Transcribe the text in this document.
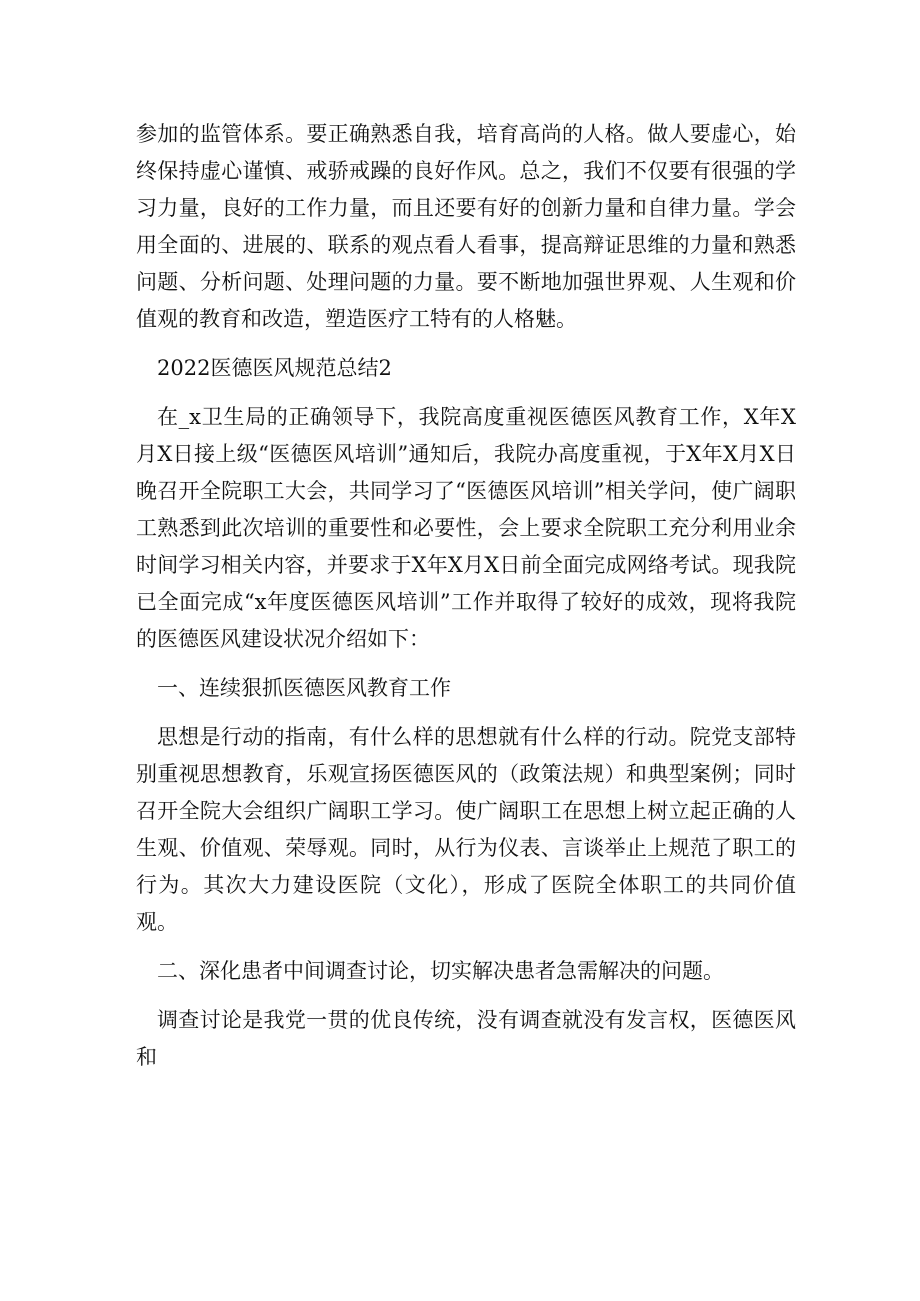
参加的监管体系。要正确熟悉自我，培育高尚的人格。做人要虚心，始终保持虚心谨慎、戒骄戒躁的良好作风。总之，我们不仅要有很强的学习力量，良好的工作力量，而且还要有好的创新力量和自律力量。学会用全面的、进展的、联系的观点看人看事，提高辩证思维的力量和熟悉问题、分析问题、处理问题的力量。要不断地加强世界观、人生观和价值观的教育和改造，塑造医疗工特有的人格魅。

2022医德医风规范总结2

在_x卫生局的正确领导下，我院高度重视医德医风教育工作，X年X月X日接上级“医德医风培训”通知后，我院办高度重视，于X年X月X日晚召开全院职工大会，共同学习了“医德医风培训”相关学问，使广阔职工熟悉到此次培训的重要性和必要性，会上要求全院职工充分利用业余时间学习相关内容，并要求于X年X月X日前全面完成网络考试。现我院已全面完成“x年度医德医风培训”工作并取得了较好的成效，现将我院的医德医风建设状况介绍如下：

一、连续狠抓医德医风教育工作

思想是行动的指南，有什么样的思想就有什么样的行动。院党支部特别重视思想教育，乐观宣扬医德医风的（政策法规）和典型案例；同时召开全院大会组织广阔职工学习。使广阔职工在思想上树立起正确的人生观、价值观、荣辱观。同时，从行为仪表、言谈举止上规范了职工的行为。其次大力建设医院（文化），形成了医院全体职工的共同价值观。

二、深化患者中间调查讨论，切实解决患者急需解决的问题。

调查讨论是我党一贯的优良传统，没有调查就没有发言权，医德医风和
